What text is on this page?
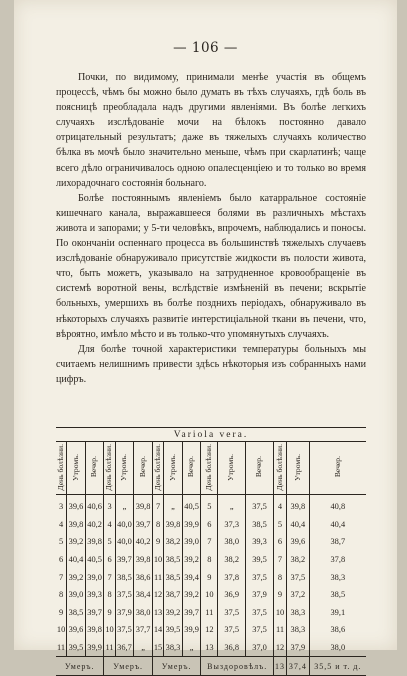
— 106 —

Почки, по видимому, принимали менѣе участія въ общемъ процессѣ, чѣмъ бы можно было думать въ тѣхъ случаяхъ, гдѣ боль въ поясницѣ преобладала надъ другими явленіями. Въ болѣе легкихъ случаяхъ изслѣдованіе мочи на бѣлокъ постоянно давало отрицательный результатъ; даже въ тяжелыхъ случаяхъ количество бѣлка въ мочѣ было значительно меньше, чѣмъ при скарлатинѣ; чаще всего дѣло ограничивалось одною опалесценціею и то только во время лихорадочнаго состоянія больнаго.

Болѣе постояннымъ явленіемъ было катарральное состояніе кишечнаго канала, выражавшееся болями въ различныхъ мѣстахъ живота и запорами; у 5-ти человѣкъ, впрочемъ, наблюдались и поносы. По окончаніи оспеннаго процесса въ большинствѣ тяжелыхъ случаевъ изслѣдованіе обнаруживало присутствіе жидкости въ полости живота, что, быть можетъ, указывало на затрудненное кровообращеніе въ системѣ воротной вены, вслѣдствіе измѣненій въ печени; вскрытіе больныхъ, умершихъ въ болѣе позднихъ періодахъ, обнаруживало въ нѣкоторыхъ случаяхъ развитіе интерстиціальной ткани въ печени, что, вѣроятно, имѣло мѣсто и въ только-что упомянутыхъ случаяхъ.

Для болѣе точной характеристики температуры больныхъ мы считаемъ нелишнимъ привести здѣсь нѣкоторыя изъ собранныхъ нами цифръ.

Variola vera.														
День болѣзни.	Утромъ.	Вечер.	День болѣзни.	Утромъ.	Вечер.	День болѣзни.	Утромъ.	Вечер.	День болѣзни.	Утромъ.	Вечер.	День болѣзни.	Утромъ.	Вечер.
3	39,6	40,6	3	„	39,8	7	„	40,5	5	„	37,5	4	39,8	40,8
4	39,8	40,2	4	40,0	39,7	8	39,8	39,9	6	37,3	38,5	5	40,4	40,4
5	39,2	39,8	5	40,0	40,2	9	38,2	39,0	7	38,0	39,3	6	39,6	38,7
6	40,4	40,5	6	39,7	39,8	10	38,5	39,2	8	38,2	39,5	7	38,2	37,8
7	39,2	39,0	7	38,5	38,6	11	38,5	39,4	9	37,8	37,5	8	37,5	38,3
8	39,0	39,3	8	37,5	38,4	12	38,7	39,2	10	36,9	37,9	9	37,2	38,5
9	38,5	39,7	9	37,9	38,0	13	39,2	39,7	11	37,5	37,5	10	38,3	39,1
10	39,6	39,8	10	37,5	37,7	14	39,5	39,9	12	37,5	37,5	11	38,3	38,6
11	39,5	39,9	11	36,7	„	15	38,3	„	13	36,8	37,0	12	37,9	38,0
Умеръ.			Умеръ.			Умеръ.			Выздоровѣлъ.			13	37,4	35,5 и т. д.
